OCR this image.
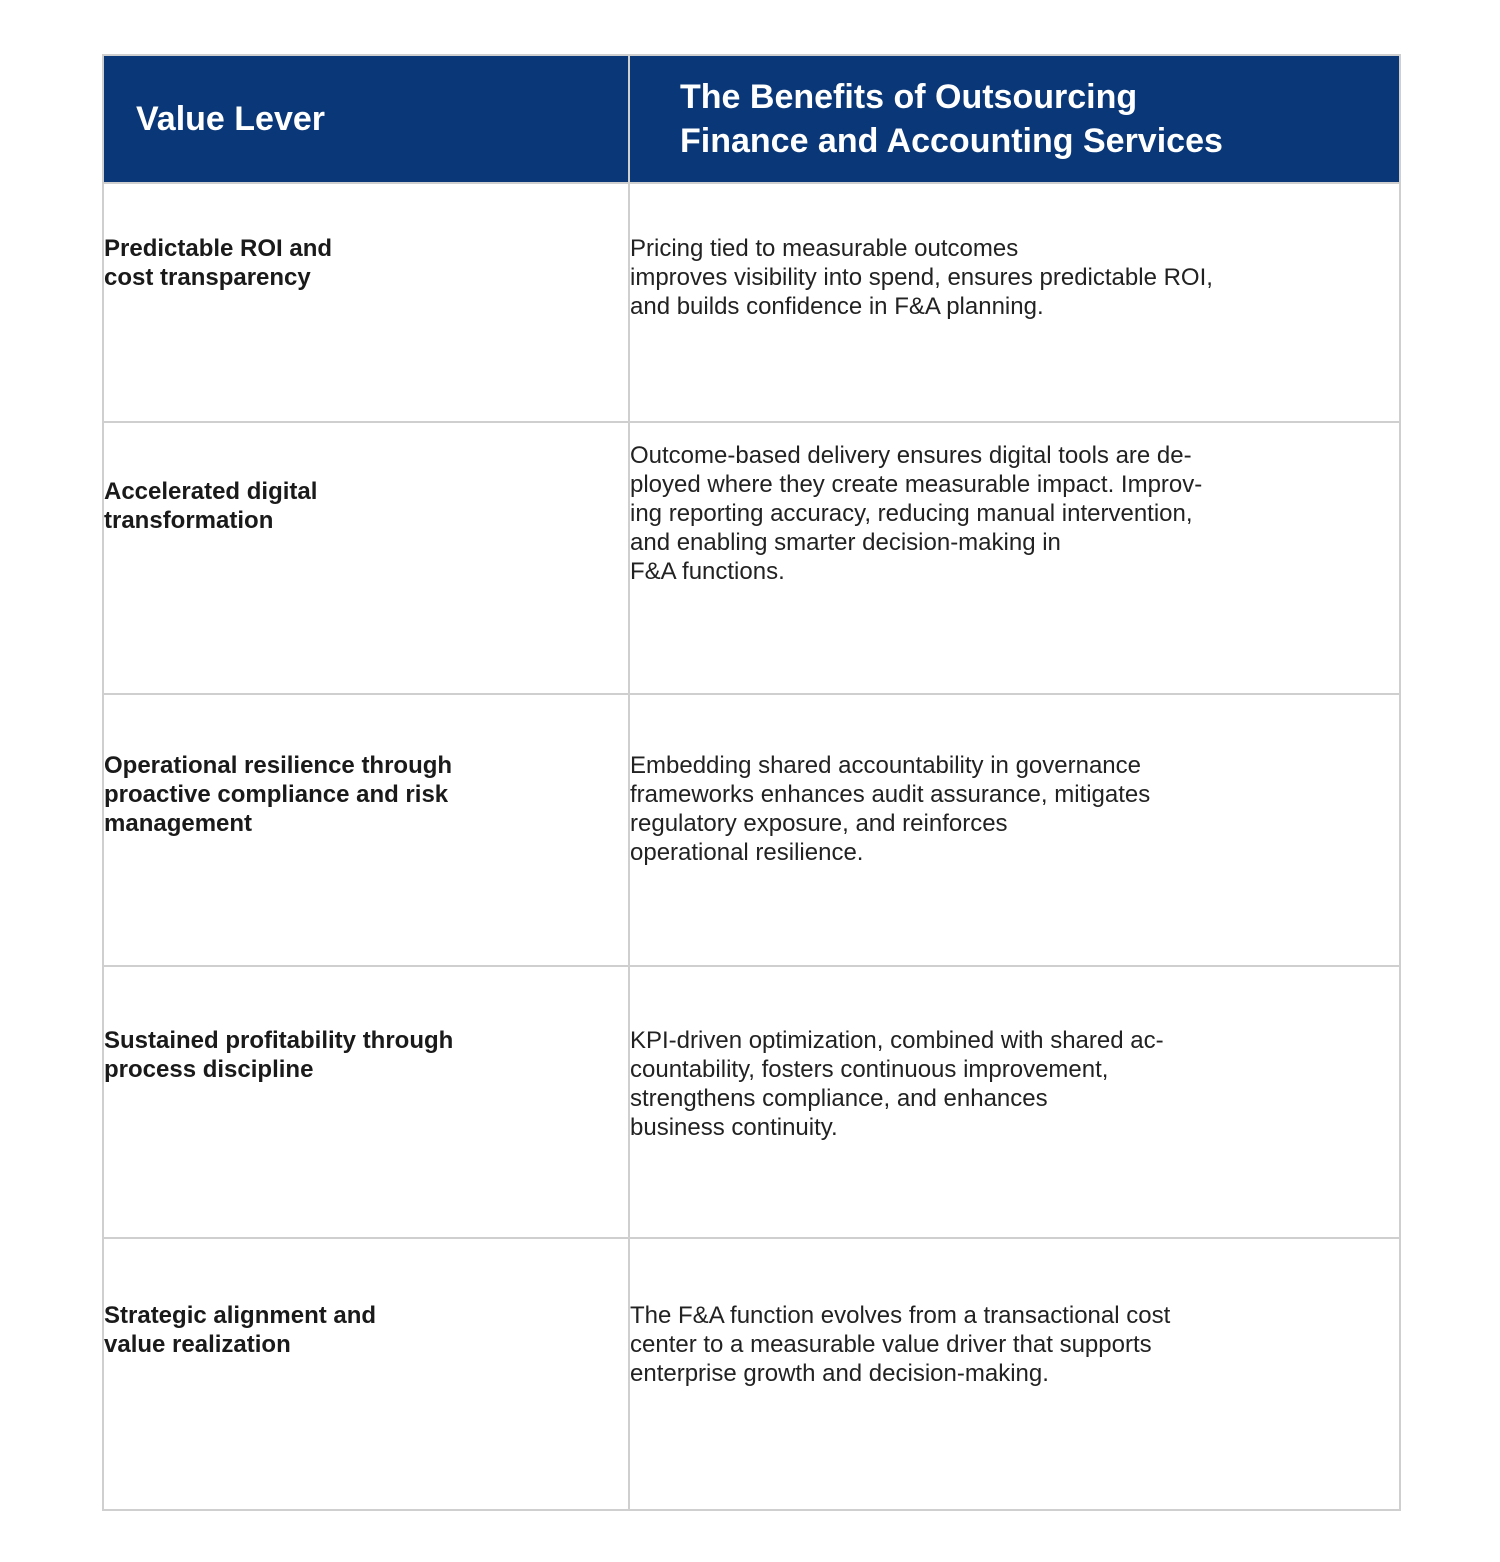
Value Lever	The Benefits of Outsourcing
Finance and Accounting Services

Predictable ROI and
cost transparency	Pricing tied to measurable outcomes
improves visibility into spend, ensures predictable ROI,
and builds confidence in F&A planning.

Accelerated digital
transformation	Outcome-based delivery ensures digital tools are de-
ployed where they create measurable impact. Improv-
ing reporting accuracy, reducing manual intervention,
and enabling smarter decision-making in
F&A functions.

Operational resilience through
proactive compliance and risk
management	Embedding shared accountability in governance
frameworks enhances audit assurance, mitigates
regulatory exposure, and reinforces
operational resilience.

Sustained profitability through
process discipline	KPI-driven optimization, combined with shared ac-
countability, fosters continuous improvement,
strengthens compliance, and enhances
business continuity.

Strategic alignment and
value realization	The F&A function evolves from a transactional cost
center to a measurable value driver that supports
enterprise growth and decision-making.
